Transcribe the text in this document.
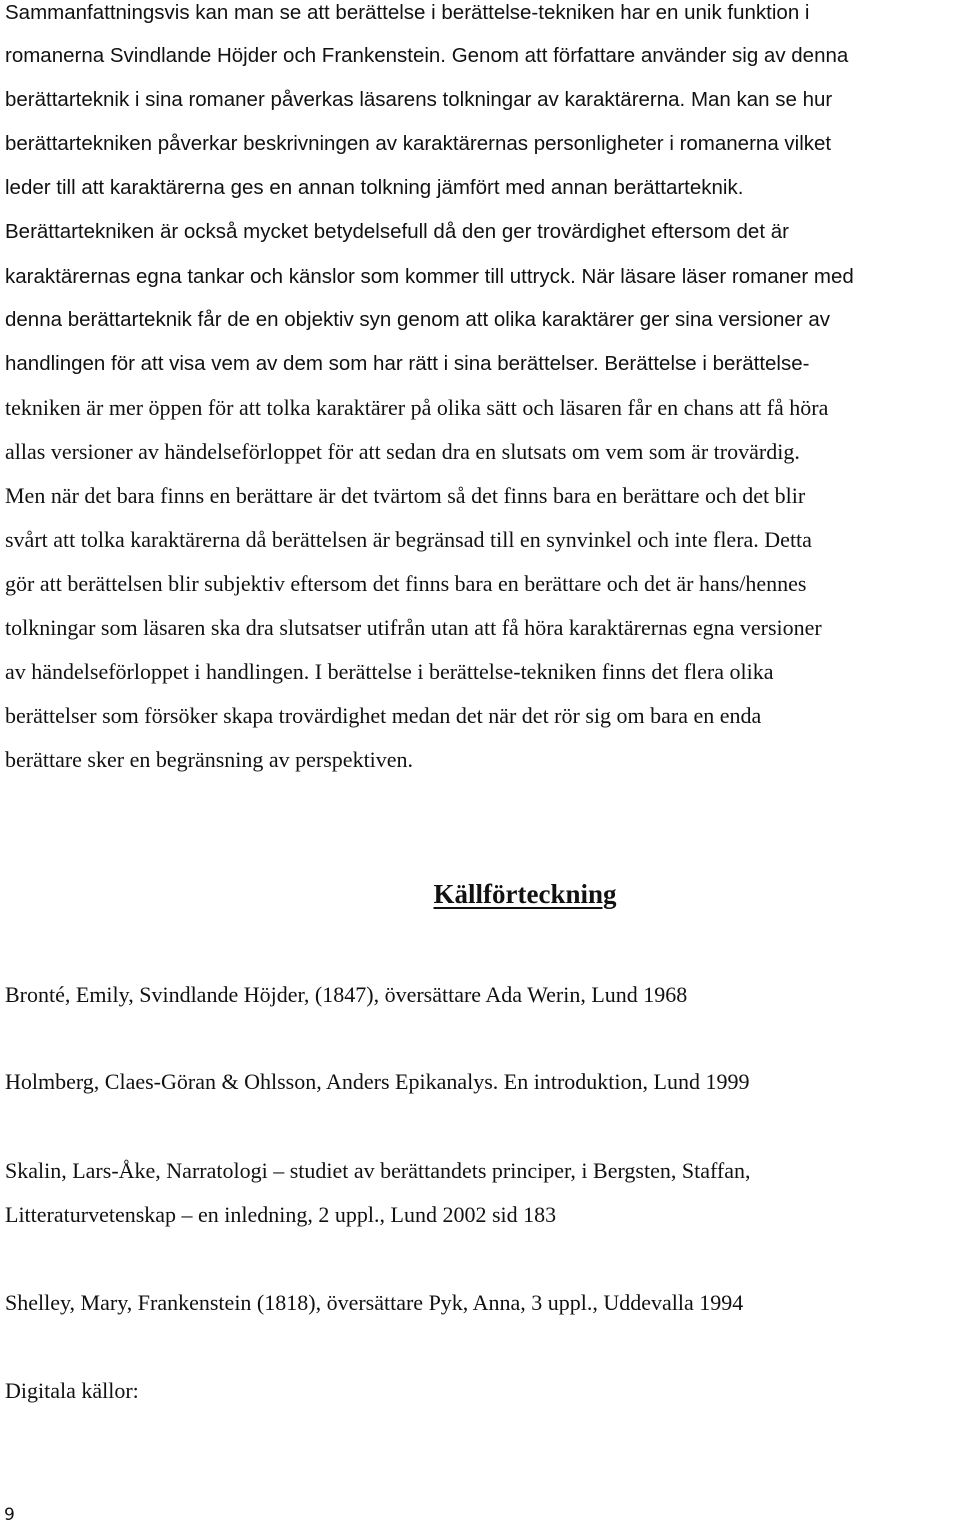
Sammanfattningsvis kan man se att berättelse i berättelse-tekniken har en unik funktion i

romanerna Svindlande Höjder och Frankenstein. Genom att författare använder sig av denna

berättarteknik i sina romaner påverkas läsarens tolkningar av karaktärerna. Man kan se hur

berättartekniken påverkar beskrivningen av karaktärernas personligheter i romanerna vilket

leder till att karaktärerna ges en annan tolkning jämfört med annan berättarteknik.

Berättartekniken är också mycket betydelsefull då den ger trovärdighet eftersom det är

karaktärernas egna tankar och känslor som kommer till uttryck. När läsare läser romaner med

denna berättarteknik får de en objektiv syn genom att olika karaktärer ger sina versioner av

handlingen för att visa vem av dem som har rätt i sina berättelser. Berättelse i berättelse-

tekniken är mer öppen för att tolka karaktärer på olika sätt och läsaren får en chans att få höra

allas versioner av händelseförloppet för att sedan dra en slutsats om vem som är trovärdig.

Men när det bara finns en berättare är det tvärtom så det finns bara en berättare och det blir

svårt att tolka karaktärerna då berättelsen är begränsad till en synvinkel och inte flera. Detta

gör att berättelsen blir subjektiv eftersom det finns bara en berättare och det är hans/hennes

tolkningar som läsaren ska dra slutsatser utifrån utan att få höra karaktärernas egna versioner

av händelseförloppet i handlingen. I berättelse i berättelse-tekniken finns det flera olika

berättelser som försöker skapa trovärdighet medan det när det rör sig om bara en enda

berättare sker en begränsning av perspektiven.

Källförteckning

Bronté, Emily, Svindlande Höjder, (1847), översättare Ada Werin, Lund 1968

Holmberg, Claes-Göran & Ohlsson, Anders Epikanalys. En introduktion, Lund 1999

Skalin, Lars-Åke, Narratologi – studiet av berättandets principer, i Bergsten, Staffan,

Litteraturvetenskap – en inledning, 2 uppl., Lund 2002 sid 183

Shelley, Mary, Frankenstein (1818), översättare Pyk, Anna, 3 uppl., Uddevalla 1994

Digitala källor:

9
